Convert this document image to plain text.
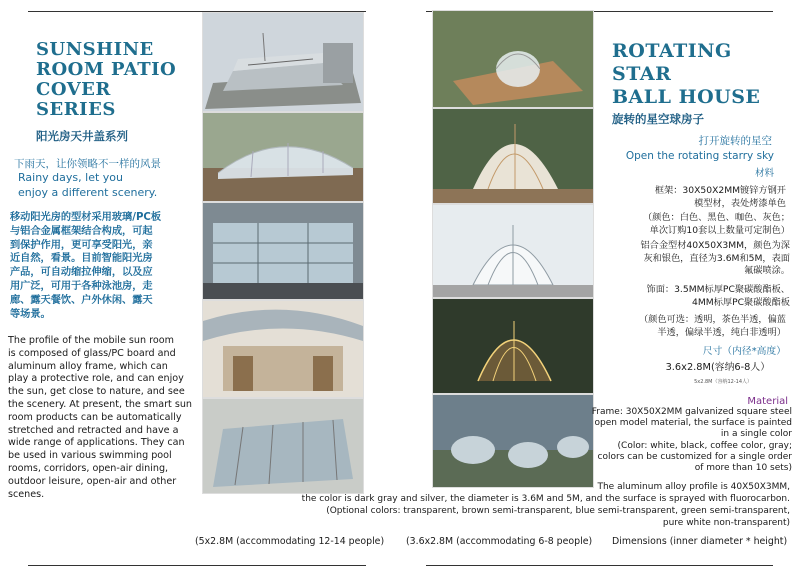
SUNSHINE
ROOM PATIO
COVER
SERIES
阳光房天井盖系列
下雨天，让你领略不一样的风景
Rainy days, let you
enjoy a different scenery.
移动阳光房的型材采用玻璃/PC板
与铝合金属框架结合构成，可起
到保护作用，更可享受阳光，亲
近自然，看景。目前智能阳光房
产品，可自动缩拉伸缩，以及应
用广泛，可用于各种泳池房，走
廊、露天餐饮、户外休闲、露天
等场景。
The profile of the mobile sun room
is composed of glass/PC board and
aluminum alloy frame, which can
play a protective role, and can enjoy
the sun, get close to nature, and see
the scenery. At present, the smart sun
room products can be automatically
stretched and retracted and have a
wide range of applications. They can
be used in various swimming pool
rooms, corridors, open-air dining,
outdoor leisure, open-air and other
scenes.
ROTATING
STAR
BALL HOUSE
旋转的星空球房子
打开旋转的星空
Open the rotating starry sky
材料
框架：30X50X2MM镀锌方钢开
模型材，表处烤漆单色
（颜色：白色、黑色、咖色、灰色；
单次订购10套以上数量可定制色）
铝合金型材40X50X3MM，颜色为深
灰和银色，直径为3.6M和5M，表面
氟碳喷涂。
饰面：3.5MM标厚PC聚碳酸酯板、
4MM标厚PC聚碳酸酯板
（颜色可选：透明，茶色半透，偏蓝
半透，偏绿半透，纯白非透明）
尺寸（内径*高度）
3.6x2.8M(容纳6-8人）
5x2.8M（容纳12-14人）
Material
Frame: 30X50X2MM galvanized square steel
open model material, the surface is painted
in a single color
(Color: white, black, coffee color, gray;
colors can be customized for a single order
of more than 10 sets)
The aluminum alloy profile is 40X50X3MM,
the color is dark gray and silver, the diameter is 3.6M and 5M, and the surface is sprayed with fluorocarbon.
(Optional colors: transparent, brown semi-transparent, blue semi-transparent, green semi-transparent,
pure white non-transparent)
(5x2.8M (accommodating 12-14 people) (3.6x2.8M (accommodating 6-8 people) Dimensions (inner diameter * height)
